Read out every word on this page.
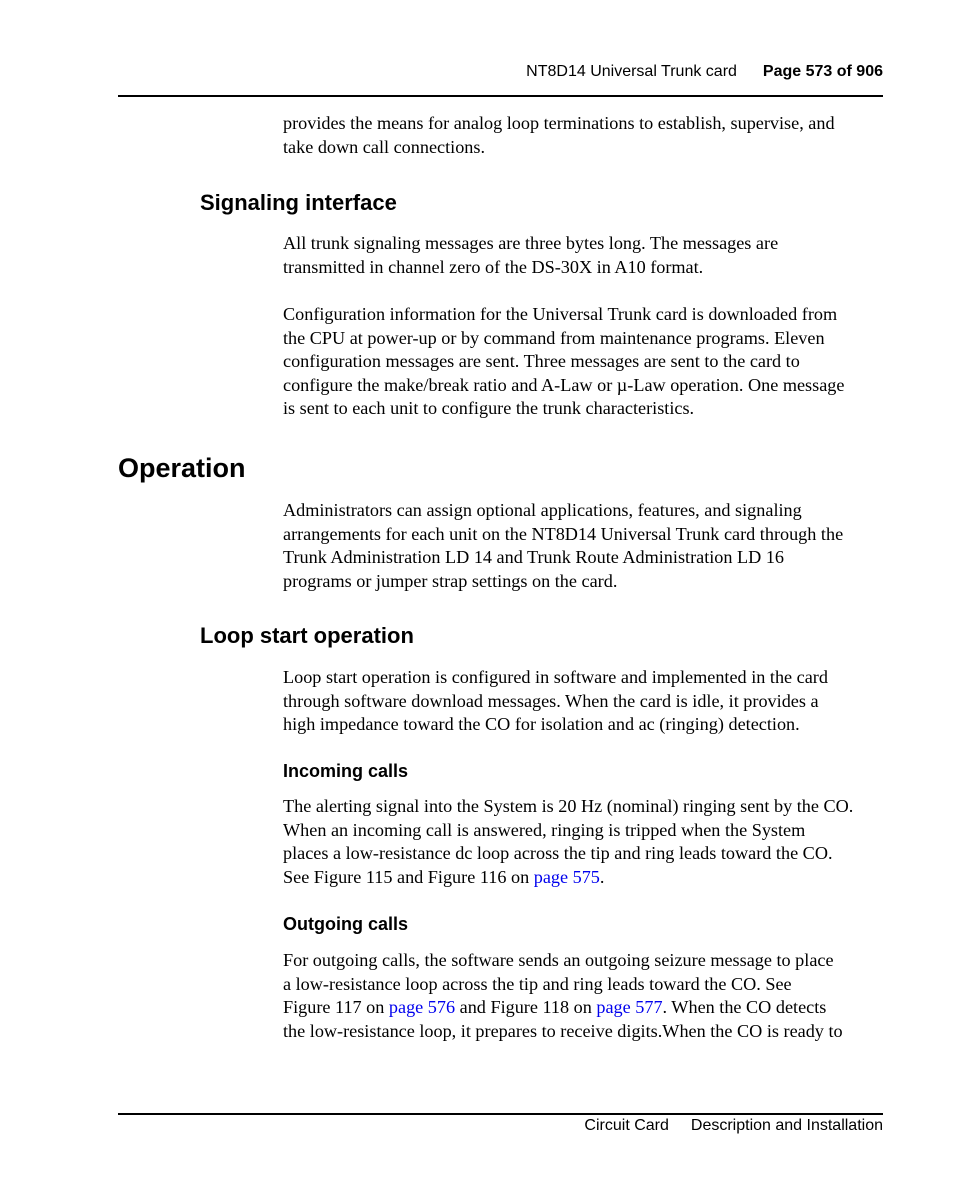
NT8D14 Universal Trunk card Page 573 of 906

provides the means for analog loop terminations to establish, supervise, and
take down call connections.

Signaling interface

All trunk signaling messages are three bytes long. The messages are
transmitted in channel zero of the DS-30X in A10 format.

Configuration information for the Universal Trunk card is downloaded from
the CPU at power-up or by command from maintenance programs. Eleven
configuration messages are sent. Three messages are sent to the card to
configure the make/break ratio and A-Law or µ-Law operation. One message
is sent to each unit to configure the trunk characteristics.

Operation

Administrators can assign optional applications, features, and signaling
arrangements for each unit on the NT8D14 Universal Trunk card through the
Trunk Administration LD 14 and Trunk Route Administration LD 16
programs or jumper strap settings on the card.

Loop start operation

Loop start operation is configured in software and implemented in the card
through software download messages. When the card is idle, it provides a
high impedance toward the CO for isolation and ac (ringing) detection.

Incoming calls

The alerting signal into the System is 20 Hz (nominal) ringing sent by the CO.
When an incoming call is answered, ringing is tripped when the System
places a low-resistance dc loop across the tip and ring leads toward the CO.
See Figure 115 and Figure 116 on page 575.

Outgoing calls

For outgoing calls, the software sends an outgoing seizure message to place
a low-resistance loop across the tip and ring leads toward the CO. See
Figure 117 on page 576 and Figure 118 on page 577. When the CO detects
the low-resistance loop, it prepares to receive digits.When the CO is ready to

Circuit Card Description and Installation
